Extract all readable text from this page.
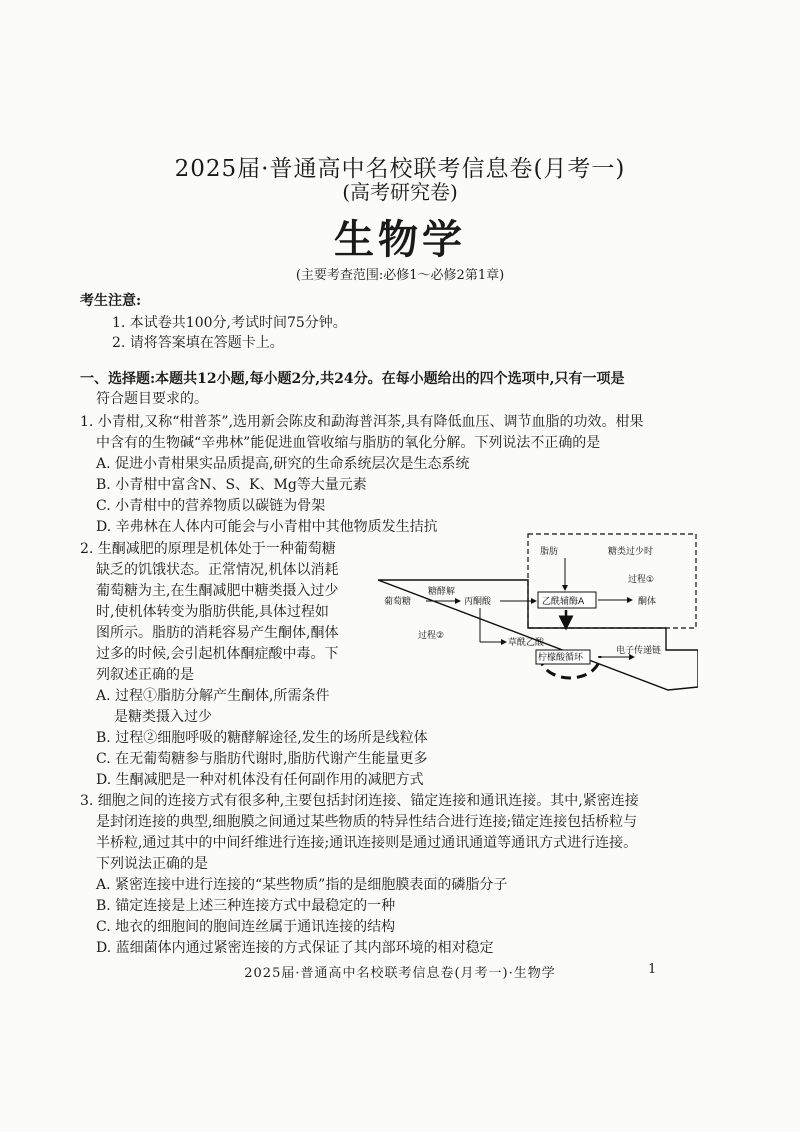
2025届·普通高中名校联考信息卷(月考一)
(高考研究卷)
生物学
(主要考查范围:必修1～必修2第1章)
考生注意:
1. 本试卷共100分,考试时间75分钟。
2. 请将答案填在答题卡上。
一、选择题:本题共12小题,每小题2分,共24分。在每小题给出的四个选项中,只有一项是
符合题目要求的。
1. 小青柑,又称“柑普茶”,选用新会陈皮和勐海普洱茶,具有降低血压、调节血脂的功效。柑果
中含有的生物碱“辛弗林”能促进血管收缩与脂肪的氧化分解。下列说法不正确的是
A. 促进小青柑果实品质提高,研究的生命系统层次是生态系统
B. 小青柑中富含N、S、K、Mg等大量元素
C. 小青柑中的营养物质以碳链为骨架
D. 辛弗林在人体内可能会与小青柑中其他物质发生拮抗
2. 生酮减肥的原理是机体处于一种葡萄糖
缺乏的饥饿状态。正常情况,机体以消耗
葡萄糖为主,在生酮减肥中糖类摄入过少
时,使机体转变为脂肪供能,具体过程如
图所示。脂肪的消耗容易产生酮体,酮体
过多的时候,会引起机体酮症酸中毒。下
列叙述正确的是
A. 过程①脂肪分解产生酮体,所需条件
是糖类摄入过少
B. 过程②细胞呼吸的糖酵解途径,发生的场所是线粒体
C. 在无葡萄糖参与脂肪代谢时,脂肪代谢产生能量更多
D. 生酮减肥是一种对机体没有任何副作用的减肥方式
脂肪	糖类过少时
过程①
葡萄糖
糖酵解
丙酮酸	乙酰辅酶A	酮体
过程②
草酰乙酸
柠檬酸循环
电子传递链
3. 细胞之间的连接方式有很多种,主要包括封闭连接、锚定连接和通讯连接。其中,紧密连接
是封闭连接的典型,细胞膜之间通过某些物质的特异性结合进行连接;锚定连接包括桥粒与
半桥粒,通过其中的中间纤维进行连接;通讯连接则是通过通讯通道等通讯方式进行连接。
下列说法正确的是
A. 紧密连接中进行连接的“某些物质”指的是细胞膜表面的磷脂分子
B. 锚定连接是上述三种连接方式中最稳定的一种
C. 地衣的细胞间的胞间连丝属于通讯连接的结构
D. 蓝细菌体内通过紧密连接的方式保证了其内部环境的相对稳定
2025届·普通高中名校联考信息卷(月考一)·生物学	1
